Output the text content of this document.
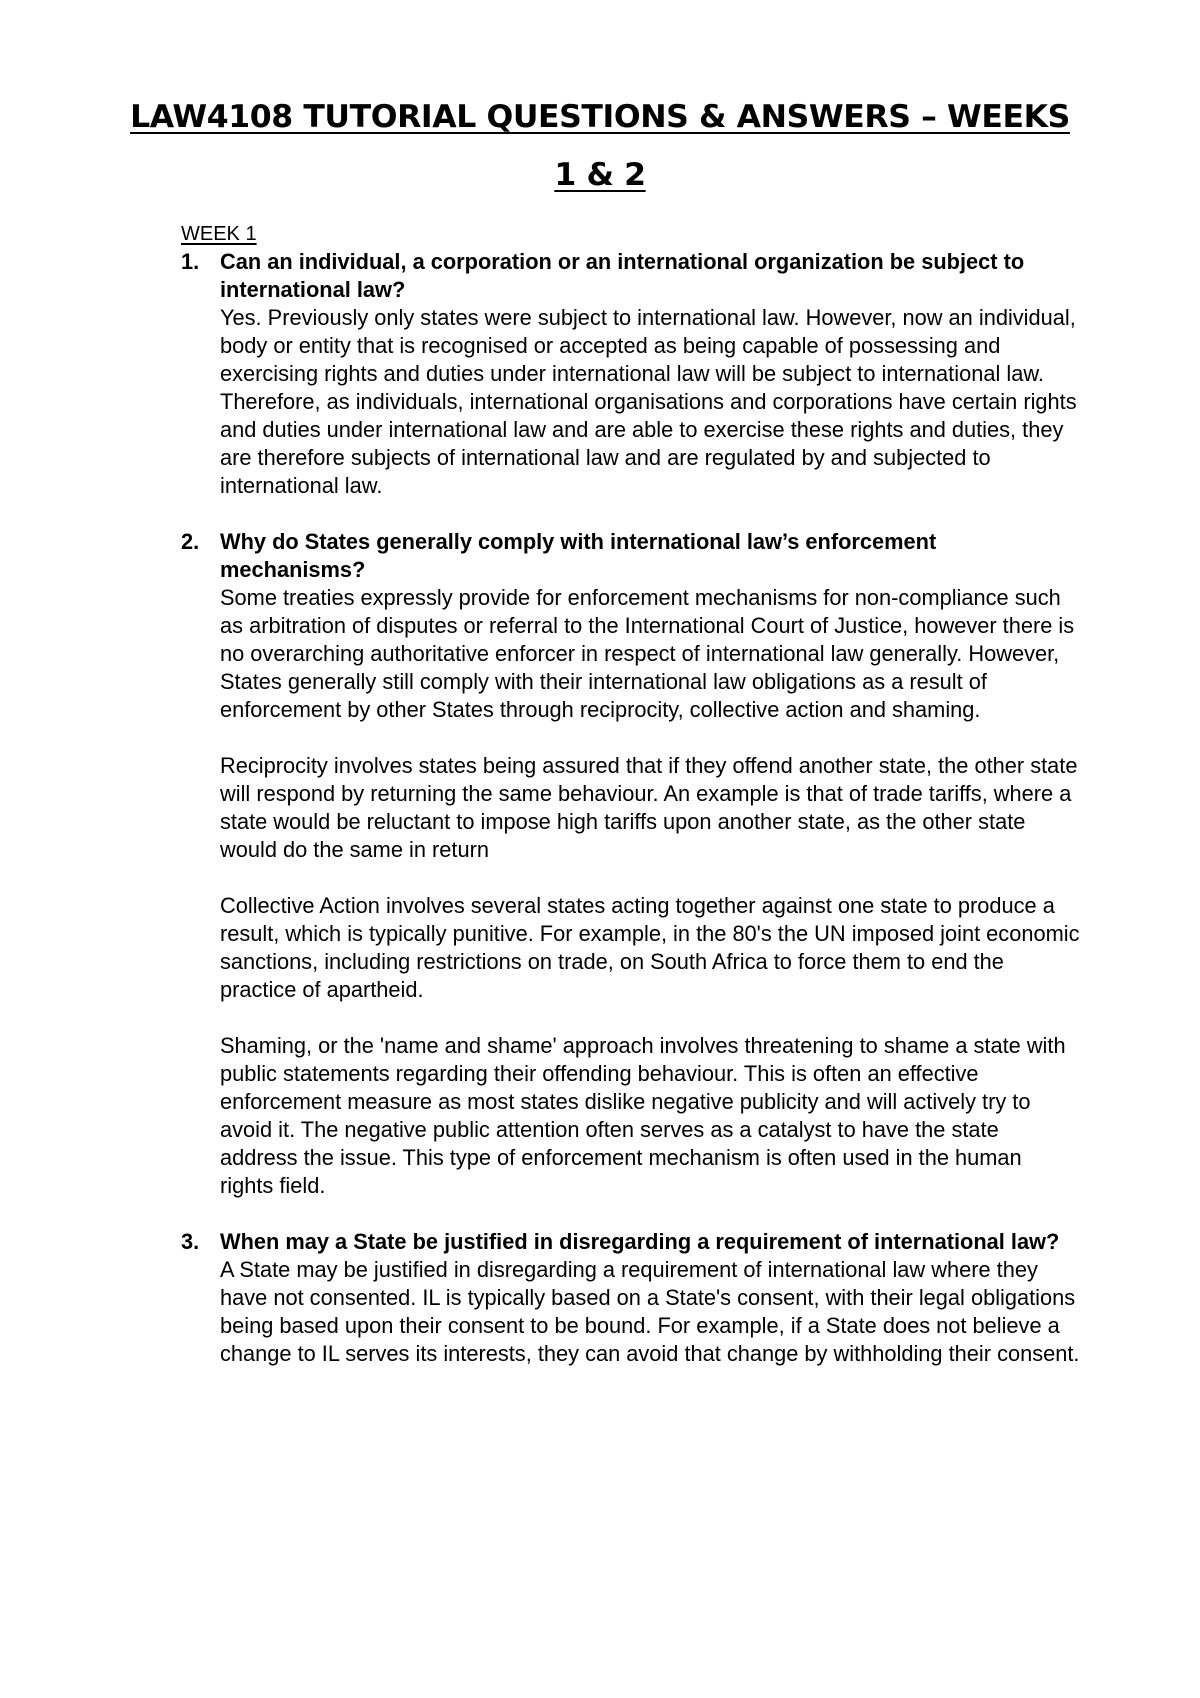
LAW4108 TUTORIAL QUESTIONS & ANSWERS – WEEKS
1 & 2

WEEK 1

1. Can an individual, a corporation or an international organization be subject to international law?

Yes. Previously only states were subject to international law. However, now an individual, body or entity that is recognised or accepted as being capable of possessing and exercising rights and duties under international law will be subject to international law. Therefore, as individuals, international organisations and corporations have certain rights and duties under international law and are able to exercise these rights and duties, they are therefore subjects of international law and are regulated by and subjected to international law.

2. Why do States generally comply with international law’s enforcement mechanisms?

Some treaties expressly provide for enforcement mechanisms for non-compliance such as arbitration of disputes or referral to the International Court of Justice, however there is no overarching authoritative enforcer in respect of international law generally. However, States generally still comply with their international law obligations as a result of enforcement by other States through reciprocity, collective action and shaming.

Reciprocity involves states being assured that if they offend another state, the other state will respond by returning the same behaviour. An example is that of trade tariffs, where a state would be reluctant to impose high tariffs upon another state, as the other state would do the same in return

Collective Action involves several states acting together against one state to produce a result, which is typically punitive. For example, in the 80's the UN imposed joint economic sanctions, including restrictions on trade, on South Africa to force them to end the practice of apartheid.

Shaming, or the 'name and shame' approach involves threatening to shame a state with public statements regarding their offending behaviour. This is often an effective enforcement measure as most states dislike negative publicity and will actively try to avoid it. The negative public attention often serves as a catalyst to have the state address the issue. This type of enforcement mechanism is often used in the human rights field.

3. When may a State be justified in disregarding a requirement of international law?

A State may be justified in disregarding a requirement of international law where they have not consented. IL is typically based on a State's consent, with their legal obligations being based upon their consent to be bound. For example, if a State does not believe a change to IL serves its interests, they can avoid that change by withholding their consent.
